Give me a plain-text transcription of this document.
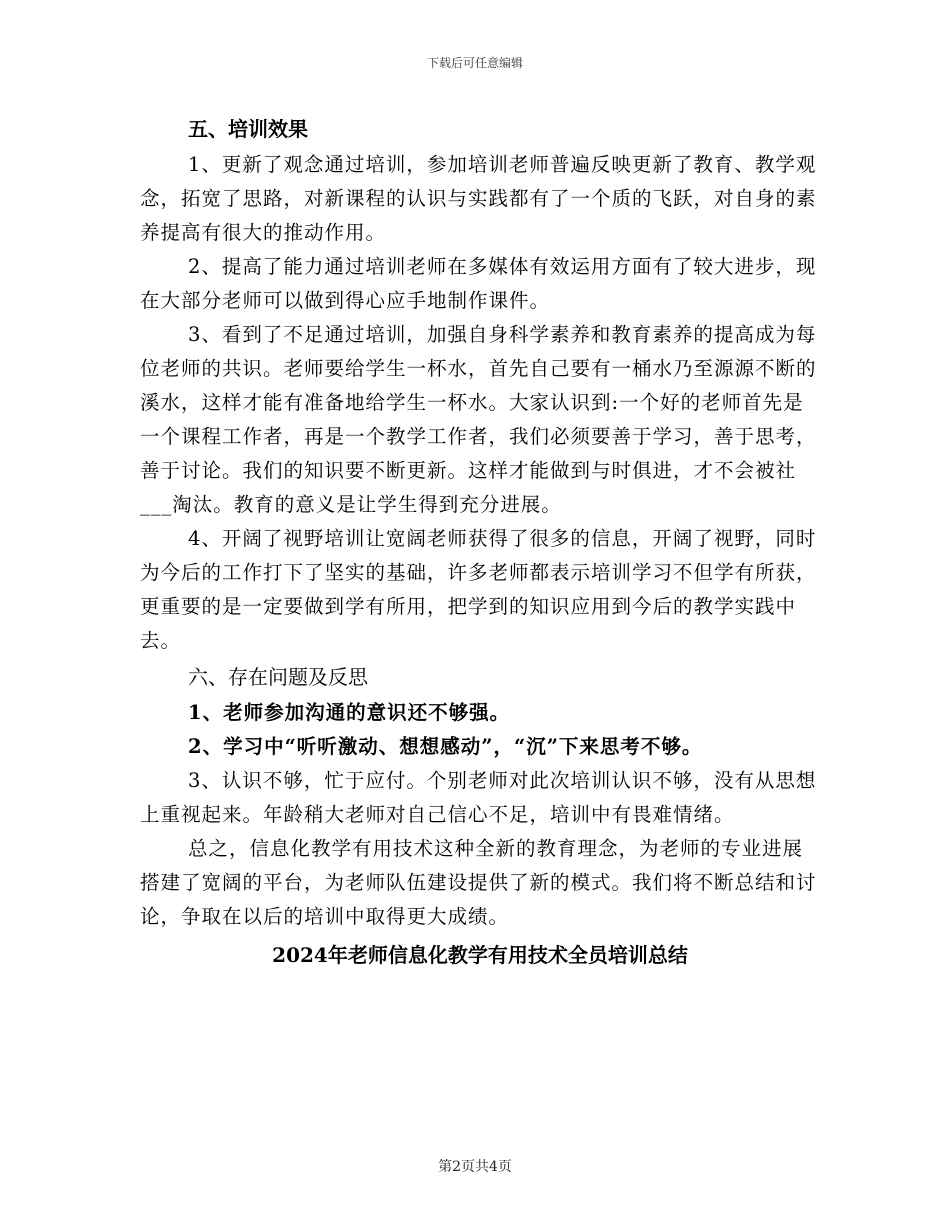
下载后可任意编辑
五、培训效果

1、更新了观念通过培训，参加培训老师普遍反映更新了教育、教学观念，拓宽了思路，对新课程的认识与实践都有了一个质的飞跃，对自身的素养提高有很大的推动作用。

2、提高了能力通过培训老师在多媒体有效运用方面有了较大进步，现在大部分老师可以做到得心应手地制作课件。

3、看到了不足通过培训，加强自身科学素养和教育素养的提高成为每位老师的共识。老师要给学生一杯水，首先自己要有一桶水乃至源源不断的溪水，这样才能有准备地给学生一杯水。大家认识到:一个好的老师首先是一个课程工作者，再是一个教学工作者，我们必须要善于学习，善于思考，善于讨论。我们的知识要不断更新。这样才能做到与时俱进，才不会被社___淘汰。教育的意义是让学生得到充分进展。

4、开阔了视野培训让宽阔老师获得了很多的信息，开阔了视野，同时为今后的工作打下了坚实的基础，许多老师都表示培训学习不但学有所获，更重要的是一定要做到学有所用，把学到的知识应用到今后的教学实践中去。

六、存在问题及反思

1、老师参加沟通的意识还不够强。

2、学习中“听听激动、想想感动”，“沉”下来思考不够。

3、认识不够，忙于应付。个别老师对此次培训认识不够，没有从思想上重视起来。年龄稍大老师对自己信心不足，培训中有畏难情绪。

总之，信息化教学有用技术这种全新的教育理念，为老师的专业进展搭建了宽阔的平台，为老师队伍建设提供了新的模式。我们将不断总结和讨论，争取在以后的培训中取得更大成绩。

2024年老师信息化教学有用技术全员培训总结
第2页共4页
